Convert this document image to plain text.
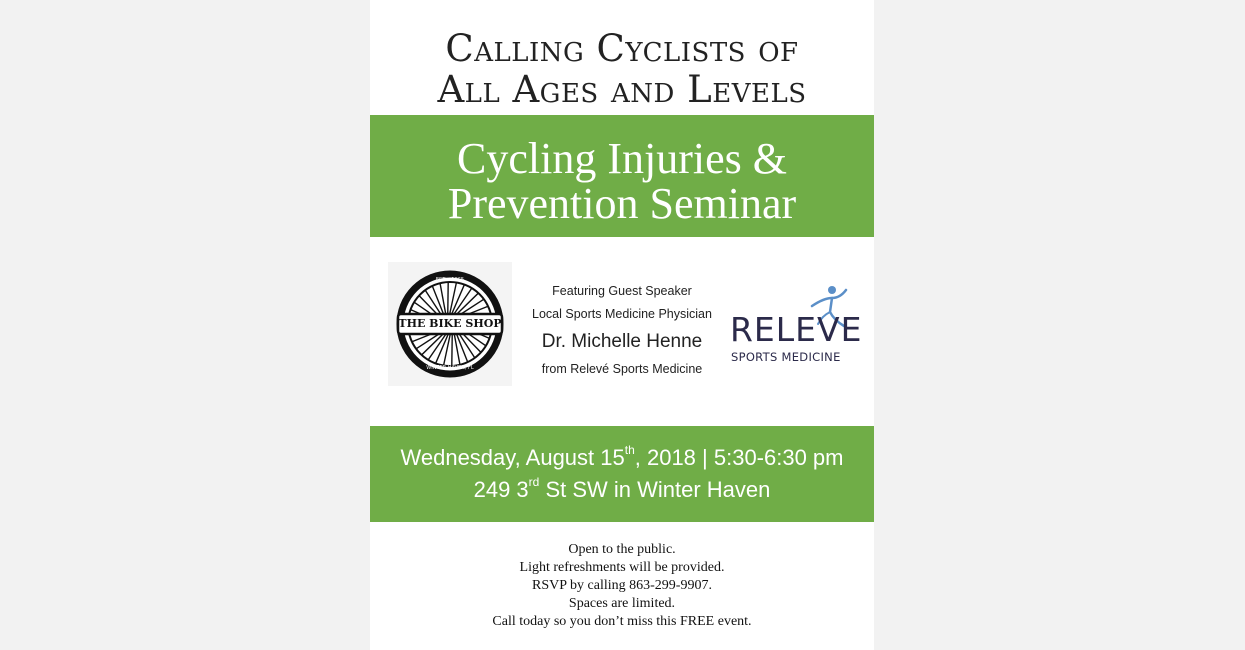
Calling Cyclists of
All Ages and Levels
Cycling Injuries &
Prevention Seminar
THE BIKE SHOP
EST • 1965
WINTER HAVEN, FL
Featuring Guest Speaker
Local Sports Medicine Physician
Dr. Michelle Henne
from Relevé Sports Medicine
RELEVE
SPORTS MEDICINE
Wednesday, August 15th, 2018 | 5:30-6:30 pm
249 3rd St SW in Winter Haven
Open to the public.
Light refreshments will be provided.
RSVP by calling 863-299-9907.
Spaces are limited.
Call today so you don’t miss this FREE event.
